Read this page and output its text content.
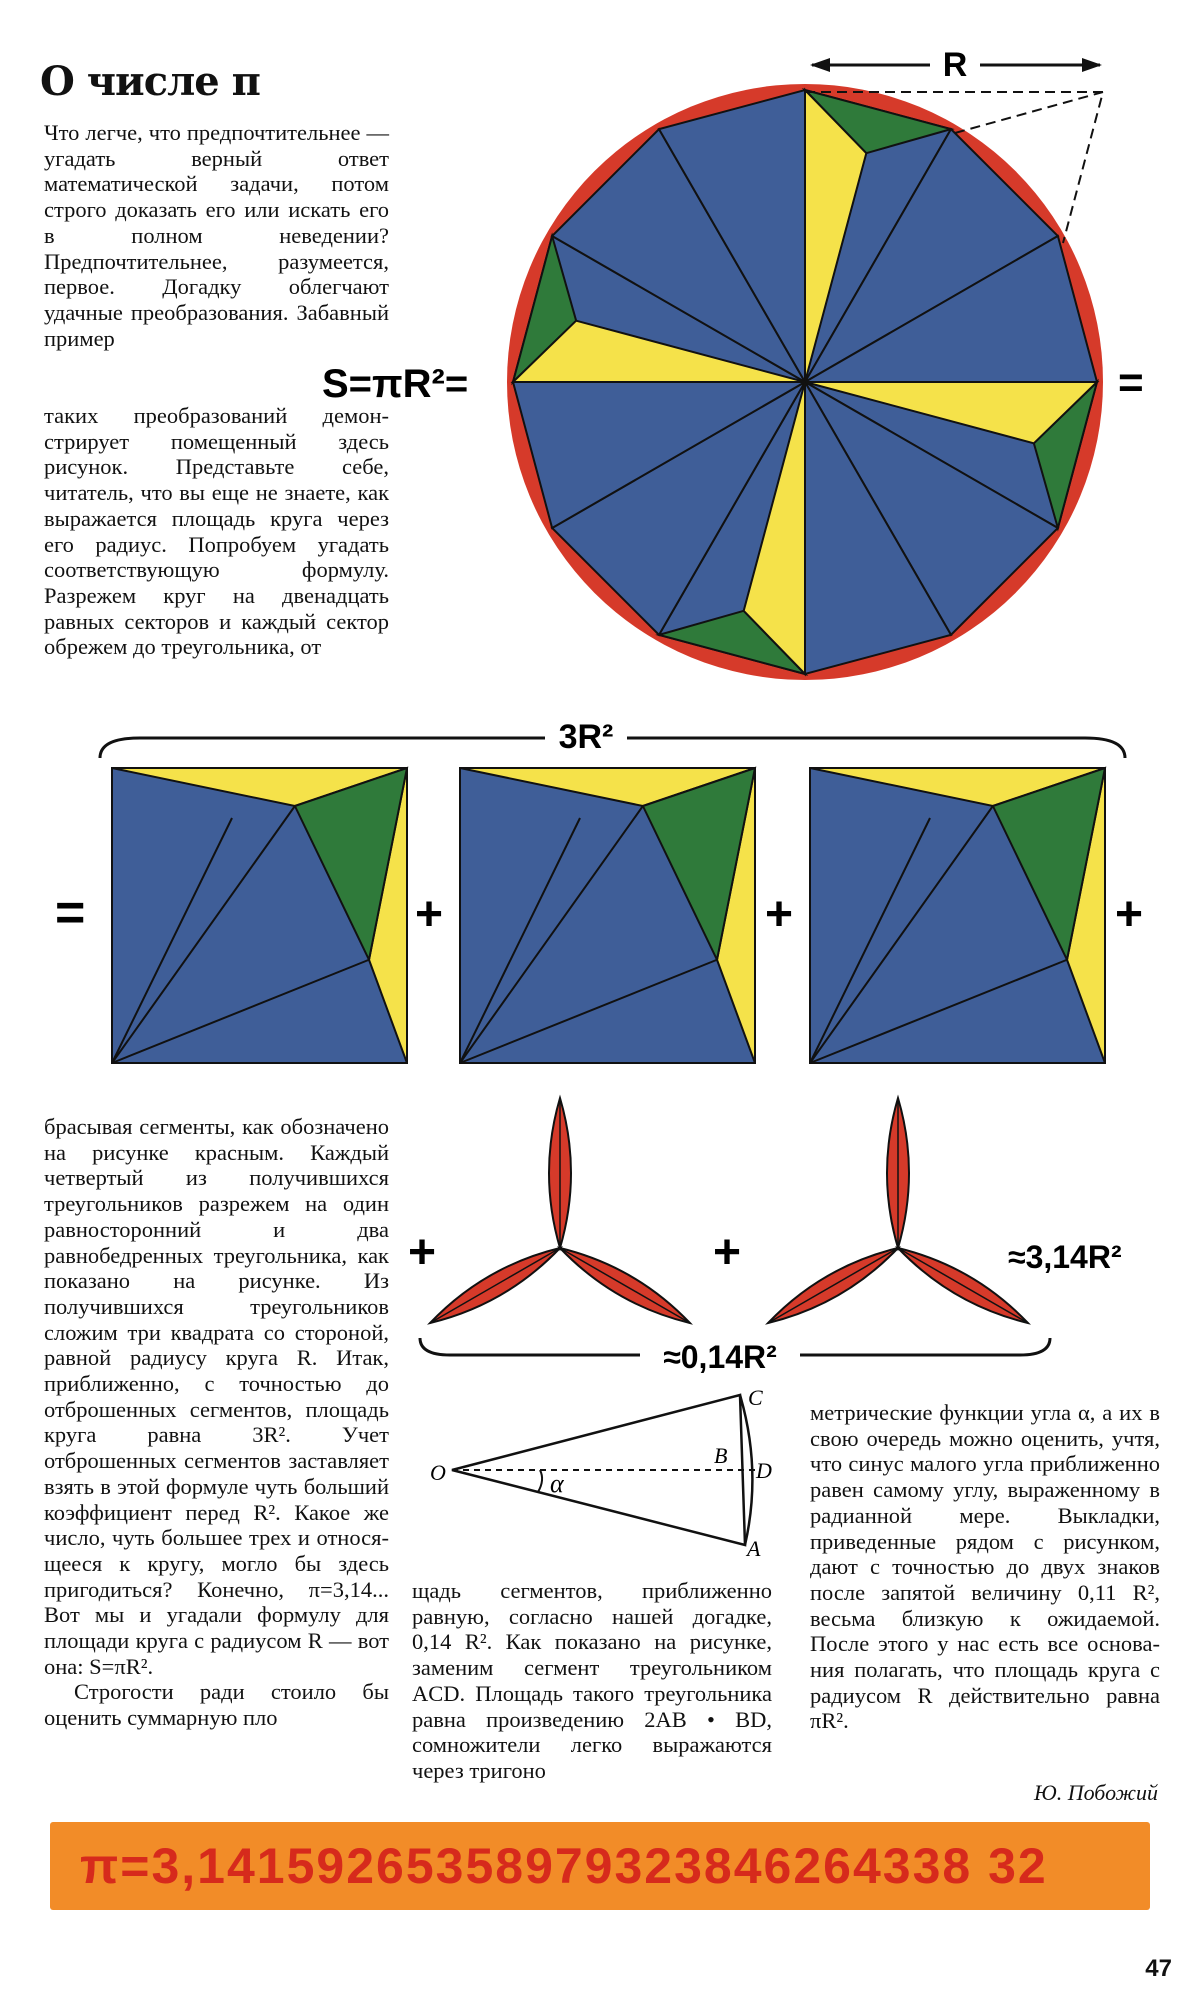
О числе π

Что легче, что предпочтительнее — угадать верный ответ математической задачи, потом строго доказать его или искать его в полном неведении? Предпочтительнее, разумеется, первое. Догадку облегчают удачные преобразования. Забавный пример

таких преобразований демонстрирует помещенный здесь рисунок. Представьте себе, читатель, что вы еще не знаете, как выражается площадь круга через его радиус. Попробуем угадать соответствующую формулу. Разрежем круг на двенадцать равных секторов и каждый сектор обрежем до треугольника, от

брасывая сегменты, как обозначено на рисунке красным. Каждый четвертый из получившихся треугольников разрежем на один равносторонний и два равнобедренных треугольника, как показано на рисунке. Из получившихся треугольников сложим три квадрата со стороной, равной радиусу круга R. Итак, приближенно, с точностью до отброшенных сегментов, площадь круга равна 3R². Учет отброшенных сегментов заставляет взять в этой формуле чуть больший коэффициент перед R². Какое же число, чуть большее трех и относящееся к кругу, могло бы здесь пригодиться? Конечно, π=3,14... Вот мы и угадали формулу для площади круга с радиусом R — вот она: S=πR².

Строгости ради стоило бы оценить суммарную пло

щадь сегментов, приближенно равную, согласно нашей догадке, 0,14 R². Как показано на рисунке, заменим сегмент треугольником ACD. Площадь такого треугольника равна произведению 2AB • BD, сомножители легко выражаются через тригоно

метрические функции угла α, а их в свою очередь можно оценить, учтя, что синус малого угла приближенно равен самому углу, выраженному в радианной мере. Выкладки, приведенные рядом с рисунком, дают с точностью до двух знаков после запятой величину 0,11 R², весьма близкую к ожидаемой. После этого у нас есть все основания полагать, что площадь круга с радиусом R действительно равна πR².

Ю. Побожий
R
S=πR²=	=
3R²
=	+	+	+
+	+	≈3,14R²
≈0,14R²
O
C
B
D
A
α
π=3,14159265358979323846264338 32
47
